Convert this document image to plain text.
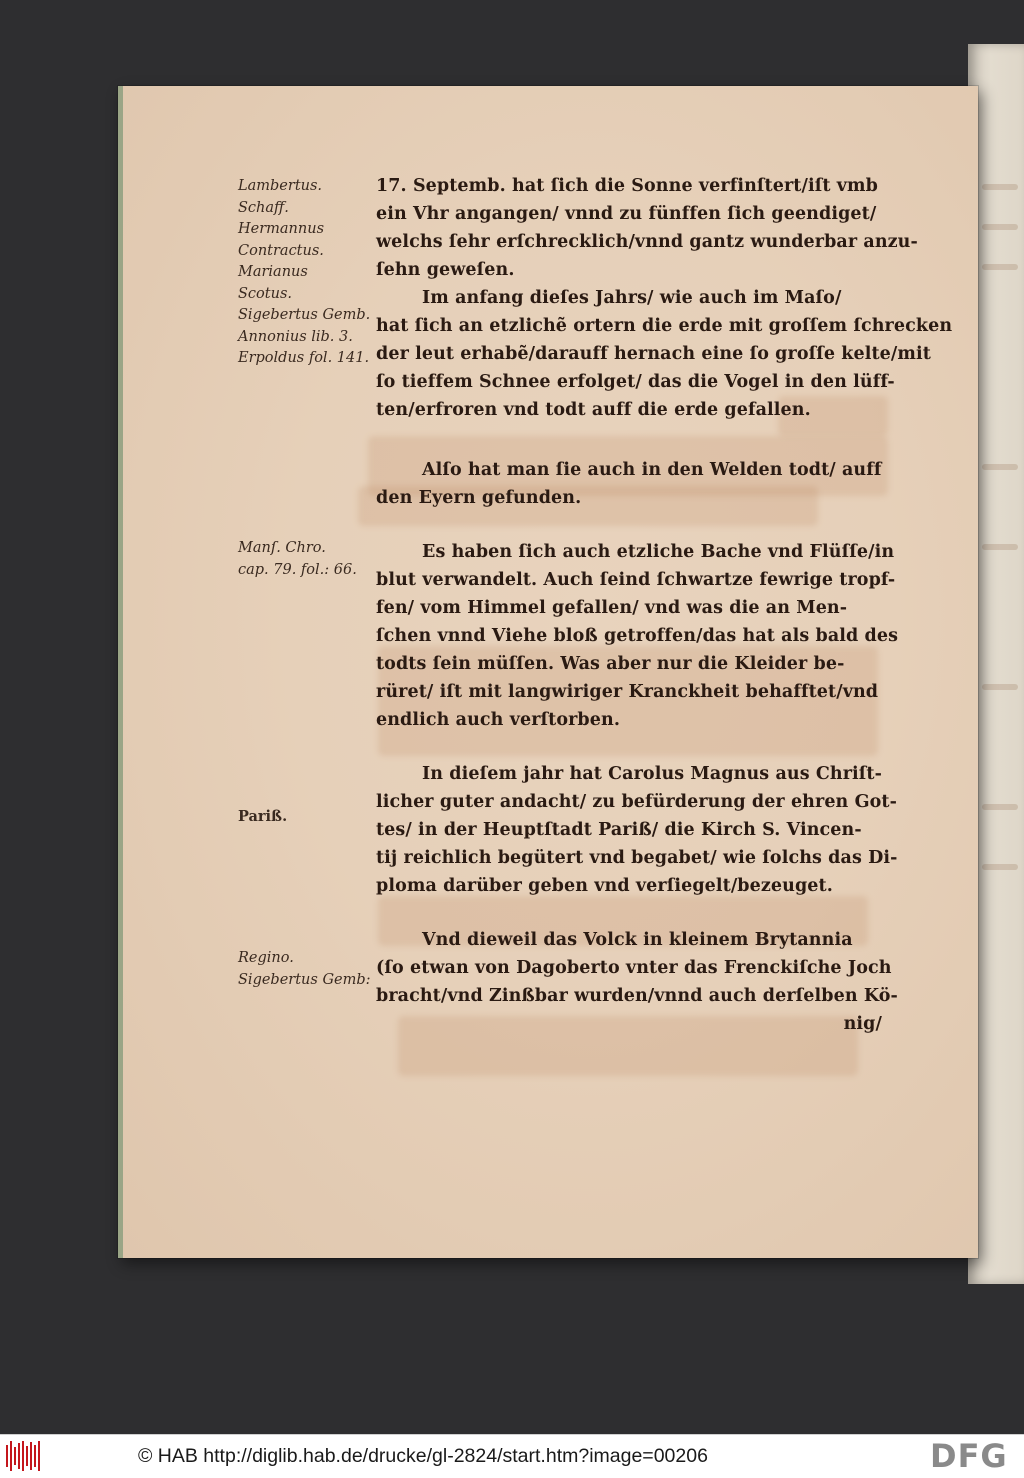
Lambertus.
Schaff.
Hermannus
Contractus.
Marianus
Scotus.
Sigebertus Gemb.
Annonius lib. 3.
Erpoldus fol. 141.
Manſ. Chro.
cap. 79. fol.: 66.
Pariß.
Regino.
Sigebertus Gemb:
17. Septemb. hat ſich die Sonne verfinſtert/iſt vmb
ein Vhr angangen/ vnnd zu fünffen ſich geendiget/
welchs ſehr erſchrecklich/vnnd gantz wunderbar anzu-
ſehn geweſen.
Im anfang dieſes Jahrs/ wie auch im Maſo/
hat ſich an etzlichẽ ortern die erde mit groſſem ſchrecken
der leut erhabẽ/darauff hernach eine ſo groſſe kelte/mit
ſo tieffem Schnee erfolget/ das die Vogel in den lüff-
ten/erfroren vnd todt auff die erde gefallen.
Alſo hat man ſie auch in den Welden todt/ auff
den Eyern gefunden.
Es haben ſich auch etzliche Bache vnd Flüſſe/in
blut verwandelt. Auch ſeind ſchwartze fewrige tropf-
fen/ vom Himmel gefallen/ vnd was die an Men-
ſchen vnnd Viehe bloß getroffen/das hat als bald des
todts ſein müſſen. Was aber nur die Kleider be-
rüret/ iſt mit langwiriger Kranckheit behafftet/vnd
endlich auch verſtorben.
In dieſem jahr hat Carolus Magnus aus Chriſt-
licher guter andacht/ zu befürderung der ehren Got-
tes/ in der Heuptſtadt Pariß/ die Kirch S. Vincen-
tij reichlich begütert vnd begabet/ wie ſolchs das Di-
ploma darüber geben vnd verſiegelt/bezeuget.
Vnd dieweil das Volck in kleinem Brytannia
(ſo etwan von Dagoberto vnter das Frenckiſche Joch
bracht/vnd Zinßbar wurden/vnnd auch derſelben Kö-
nig/
© HAB http://diglib.hab.de/drucke/gl-2824/start.htm?image=00206	DFG
